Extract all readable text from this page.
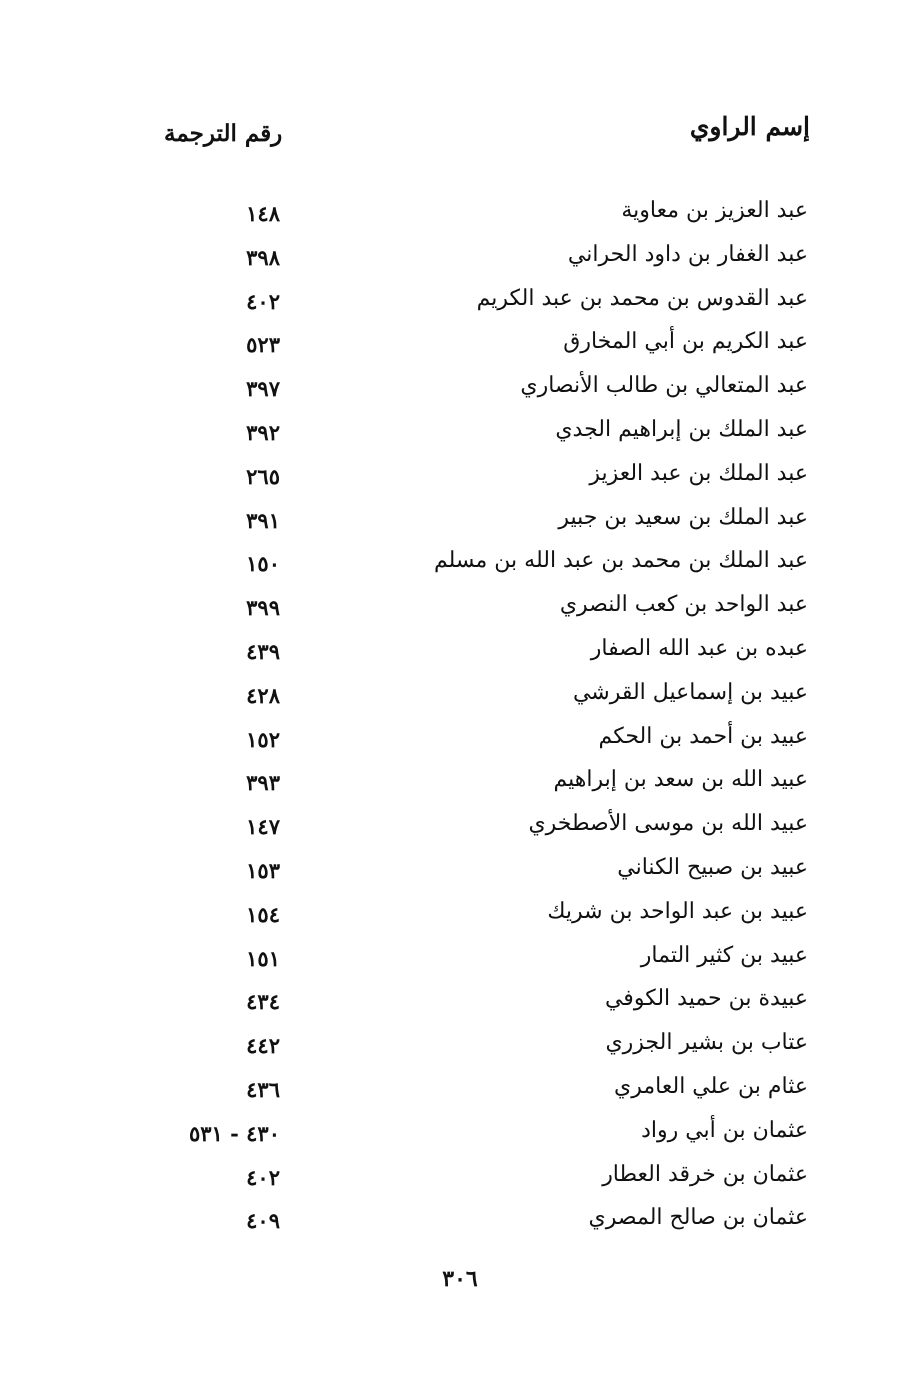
إسم الراوي
رقم الترجمة
عبد العزيز بن معاوية
١٤٨
عبد الغفار بن داود الحراني
٣٩٨
عبد القدوس بن محمد بن عبد الكريم
٤٠٢
عبد الكريم بن أبي المخارق
٥٢٣
عبد المتعالي بن طالب الأنصاري
٣٩٧
عبد الملك بن إبراهيم الجدي
٣٩٢
عبد الملك بن عبد العزيز
٢٦٥
عبد الملك بن سعيد بن جبير
٣٩١
عبد الملك بن محمد بن عبد الله بن مسلم
١٥٠
عبد الواحد بن كعب النصري
٣٩٩
عبده بن عبد الله الصفار
٤٣٩
عبيد بن إسماعيل القرشي
٤٢٨
عبيد بن أحمد بن الحكم
١٥٢
عبيد الله بن سعد بن إبراهيم
٣٩٣
عبيد الله بن موسى الأصطخري
١٤٧
عبيد بن صبيح الكناني
١٥٣
عبيد بن عبد الواحد بن شريك
١٥٤
عبيد بن كثير التمار
١٥١
عبيدة بن حميد الكوفي
٤٣٤
عتاب بن بشير الجزري
٤٤٢
عثام بن علي العامري
٤٣٦
عثمان بن أبي رواد
٤٣٠ - ٥٣١
عثمان بن خرقد العطار
٤٠٢
عثمان بن صالح المصري
٤٠٩
٣٠٦
